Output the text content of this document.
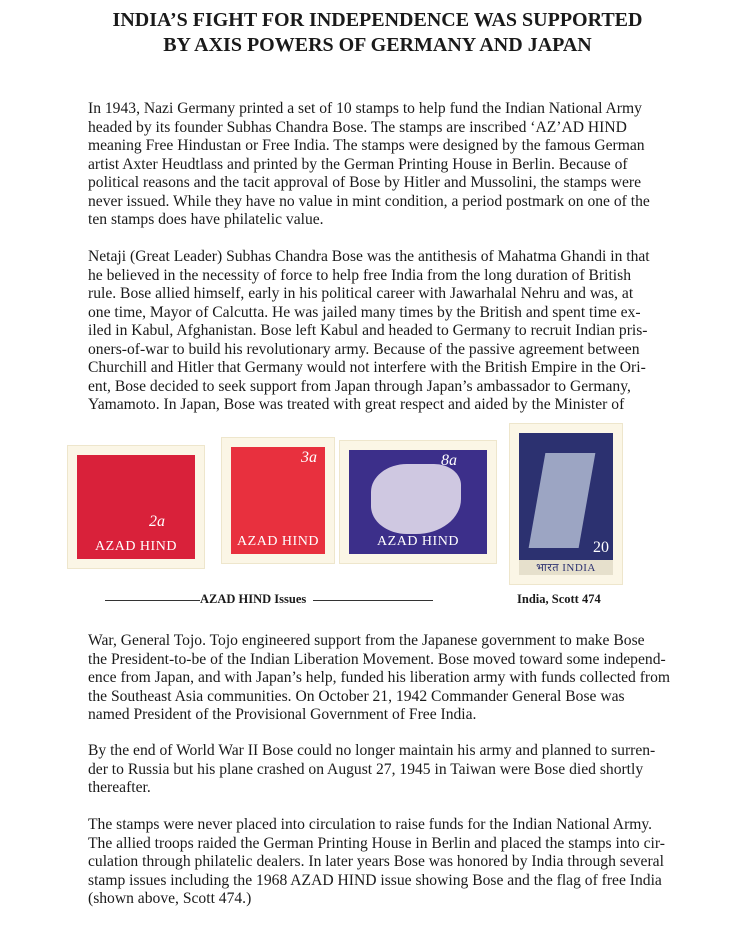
INDIA’S FIGHT FOR INDEPENDENCE WAS SUPPORTED
BY AXIS POWERS OF GERMANY AND JAPAN
In 1943, Nazi Germany printed a set of 10 stamps to help fund the Indian National Army
headed by its founder Subhas Chandra Bose. The stamps are inscribed ‘AZ’AD HIND
meaning Free Hindustan or Free India. The stamps were designed by the famous German
artist Axter Heudtlass and printed by the German Printing House in Berlin. Because of
political reasons and the tacit approval of Bose by Hitler and Mussolini, the stamps were
never issued. While they have no value in mint condition, a period postmark on one of the
ten stamps does have philatelic value.
Netaji (Great Leader) Subhas Chandra Bose was the antithesis of Mahatma Ghandi in that
he believed in the necessity of force to help free India from the long duration of British
rule. Bose allied himself, early in his political career with Jawarhalal Nehru and was, at
one time, Mayor of Calcutta. He was jailed many times by the British and spent time ex-
iled in Kabul, Afghanistan. Bose left Kabul and headed to Germany to recruit Indian pris-
oners-of-war to build his revolutionary army. Because of the passive agreement between
Churchill and Hitler that Germany would not interfere with the British Empire in the Ori-
ent, Bose decided to seek support from Japan through Japan’s ambassador to Germany,
Yamamoto. In Japan, Bose was treated with great respect and aided by the Minister of
War, General Tojo. Tojo engineered support from the Japanese government to make Bose
the President-to-be of the Indian Liberation Movement. Bose moved toward some independ-
ence from Japan, and with Japan’s help, funded his liberation army with funds collected from
the Southeast Asia communities. On October 21, 1942 Commander General Bose was
named President of the Provisional Government of Free India.
By the end of World War II Bose could no longer maintain his army and planned to surren-
der to Russia but his plane crashed on August 27, 1945 in Taiwan were Bose died shortly
thereafter.
The stamps were never placed into circulation to raise funds for the Indian National Army.
The allied troops raided the German Printing House in Berlin and placed the stamps into cir-
culation through philatelic dealers. In later years Bose was honored by India through several
stamp issues including the 1968 AZAD HIND issue showing Bose and the flag of free India
(shown above, Scott 474.)
2a
AZAD HIND
3a
AZAD HIND
8a
AZAD HIND	20
भारत INDIA
AZAD HIND Issues	India, Scott 474
